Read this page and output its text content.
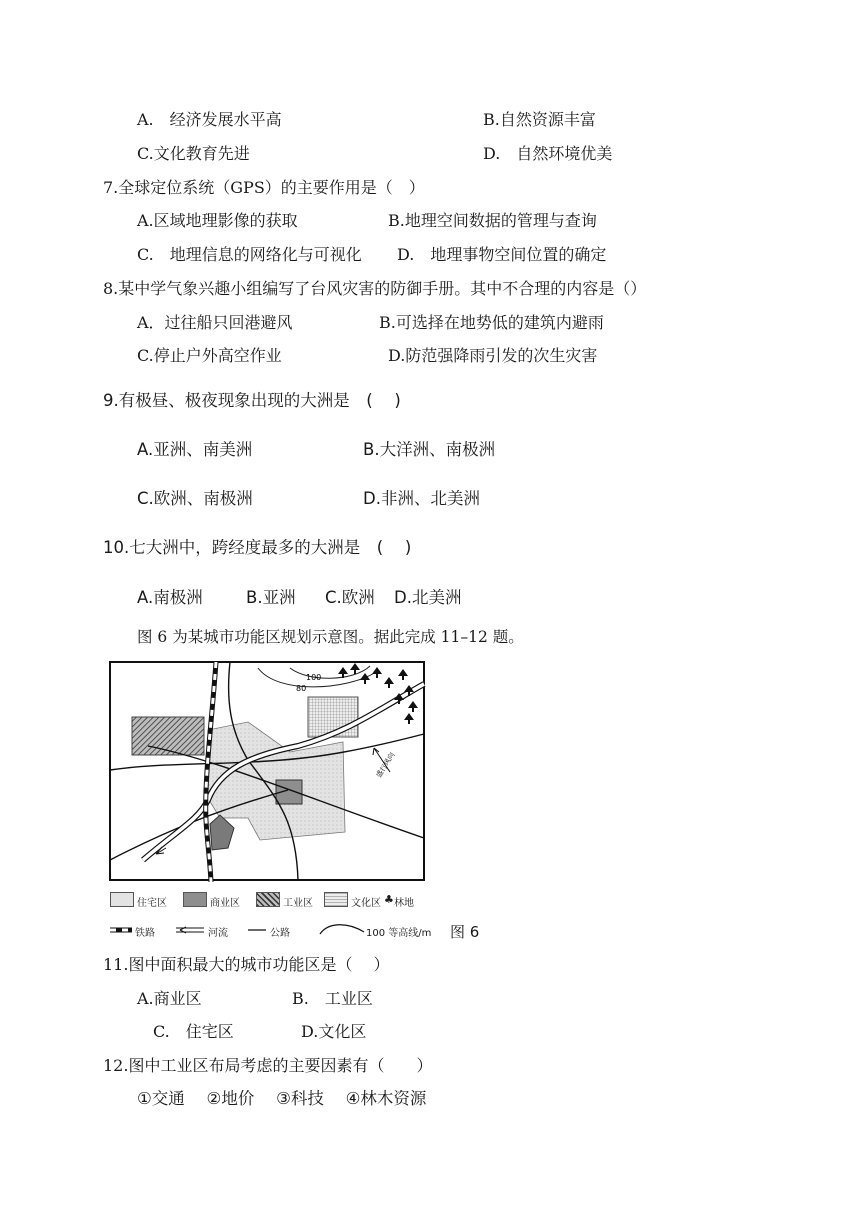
A.　经济发展水平高	B.自然资源丰富
C.文化教育先进	D.　自然环境优美
7.全球定位系统（GPS）的主要作用是（　）
A.区域地理影像的获取	B.地理空间数据的管理与查询
C.　地理信息的网络化与可视化 D.　地理事物空间位置的确定
8.某中学气象兴趣小组编写了台风灾害的防御手册。其中不合理的内容是（）
A．过往船只回港避风	B.可选择在地势低的建筑内避雨
C.停止户外高空作业	D.防范强降雨引发的次生灾害
9.有极昼、极夜现象出现的大洲是　(　 )
A.亚洲、南美洲	B.大洋洲、南极洲
C.欧洲、南极洲	D.非洲、北美洲
10.七大洲中，跨经度最多的大洲是　(　 )
A.南极洲	B.亚洲 C.欧洲 D.北美洲
图 6 为某城市功能区规划示意图。据此完成 11–12 题。
80
100
盛行风向
住宅区	商业区	工业区	文化区 ♣ 林地
铁路	河流	公路	100 等高线/m 图 6
11.图中面积最大的城市功能区是（　 ）
A.商业区	B.　工业区
C.　住宅区	D.文化区
12.图中工业区布局考虑的主要因素有（　　）
①交通　 ②地价　 ③科技　 ④林木资源
